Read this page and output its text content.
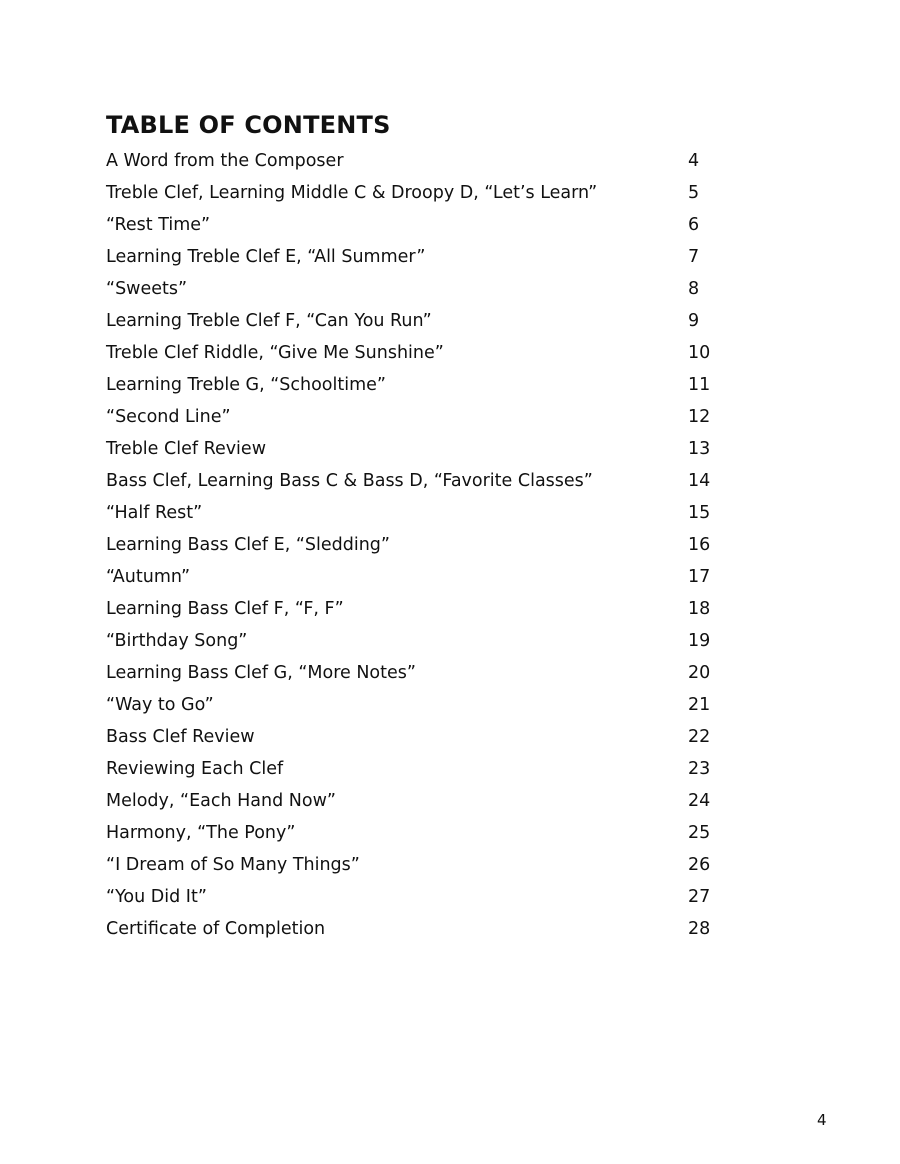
TABLE OF CONTENTS
A Word from the Composer	4
Treble Clef, Learning Middle C & Droopy D, “Let’s Learn”	5
“Rest Time”	6
Learning Treble Clef E, “All Summer”	7
“Sweets”	8
Learning Treble Clef F, “Can You Run”	9
Treble Clef Riddle, “Give Me Sunshine”	10
Learning Treble G, “Schooltime”	11
“Second Line”	12
Treble Clef Review	13
Bass Clef, Learning Bass C & Bass D, “Favorite Classes”	14
“Half Rest”	15
Learning Bass Clef E, “Sledding”	16
“Autumn”	17
Learning Bass Clef F, “F, F”	18
“Birthday Song”	19
Learning Bass Clef G, “More Notes”	20
“Way to Go”	21
Bass Clef Review	22
Reviewing Each Clef	23
Melody, “Each Hand Now”	24
Harmony, “The Pony”	25
“I Dream of So Many Things”	26
“You Did It”	27
Certificate of Completion	28
4
